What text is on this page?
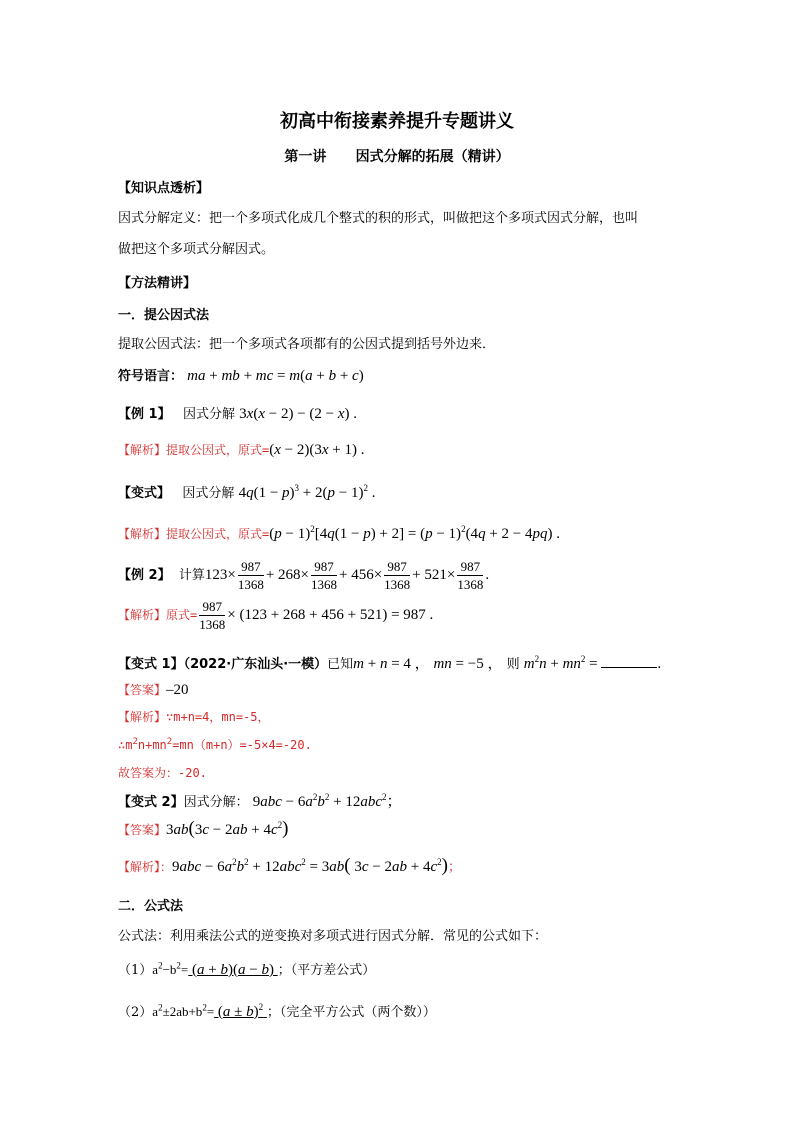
初高中衔接素养提升专题讲义
第一讲      因式分解的拓展（精讲）
【知识点透析】
因式分解定义：把一个多项式化成几个整式的积的形式，叫做把这个多项式因式分解，也叫
做把这个多项式分解因式。
【方法精讲】
一．提公因式法
提取公因式法：把一个多项式各项都有的公因式提到括号外边来．
符号语言： ma + mb + mc = m(a + b + c)
【例 1】 因式分解 3x(x − 2) − (2 − x) .
【解析】提取公因式，原式=(x − 2)(3x + 1) .
【变式】 因式分解 $4q(1 - p)^3 + 2(p - 1)^2$ .
【解析】提取公因式，原式$=(p - 1)^2[4q(1 - p) + 2] = (p - 1)^2(4q + 2 - 4pq)$ .
【例 2】 计算$123\times \frac{987}{1368} + 268\times \frac{987}{1368} + 456\times \frac{987}{1368} + 521\times \frac{987}{1368}$ .
【解析】原式= $\frac{987}{1368} \times (123 + 268 + 456 + 521) = 987$ .
【变式 1】（2022·广东汕头·一模）已知m + n = 4 ， mn = −5 ， 则 $m^2n + mn^2$ =	.
【答案】–20
【解析】∵m+n=4，mn=-5，
$\therefore m^2n+mn^2=mn(m+n)=-5\times 4=-20$.
故答案为：-20.
【变式 2】因式分解： $9abc - 6a^2b^2 + 12abc^2$；
【答案】$3ab(3c - 2ab + 4c^2)$
【解析】：$9abc - 6a^2b^2 + 12abc^2 = 3ab$( $3c - 2ab + 4c^2$)；
二．公式法
公式法：利用乘法公式的逆变换对多项式进行因式分解．常见的公式如下：
$(1)a^2-b^2= (a + b)(a - b)$ ；（平方差公式）
$(2)a^2\pm 2ab+b^2= (a \pm b)^2$ ；（完全平方公式（两个数））
